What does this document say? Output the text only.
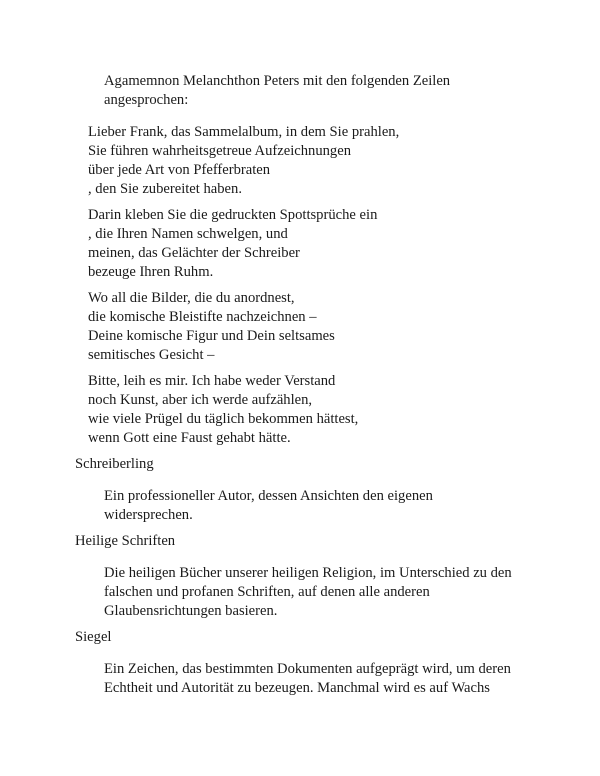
Agamemnon Melanchthon Peters mit den folgenden Zeilen
angesprochen:
Lieber Frank, das Sammelalbum, in dem Sie prahlen,
Sie führen wahrheitsgetreue Aufzeichnungen
über jede Art von Pfefferbraten
, den Sie zubereitet haben.
Darin kleben Sie die gedruckten Spottsprüche ein
, die Ihren Namen schwelgen, und
meinen, das Gelächter der Schreiber
bezeuge Ihren Ruhm.
Wo all die Bilder, die du anordnest,
die komische Bleistifte nachzeichnen –
Deine komische Figur und Dein seltsames
semitisches Gesicht –
Bitte, leih es mir. Ich habe weder Verstand
noch Kunst, aber ich werde aufzählen,
wie viele Prügel du täglich bekommen hättest,
wenn Gott eine Faust gehabt hätte.
Schreiberling
Ein professioneller Autor, dessen Ansichten den eigenen
widersprechen.
Heilige Schriften
Die heiligen Bücher unserer heiligen Religion, im Unterschied zu den
falschen und profanen Schriften, auf denen alle anderen
Glaubensrichtungen basieren.
Siegel
Ein Zeichen, das bestimmten Dokumenten aufgeprägt wird, um deren
Echtheit und Autorität zu bezeugen. Manchmal wird es auf Wachs
